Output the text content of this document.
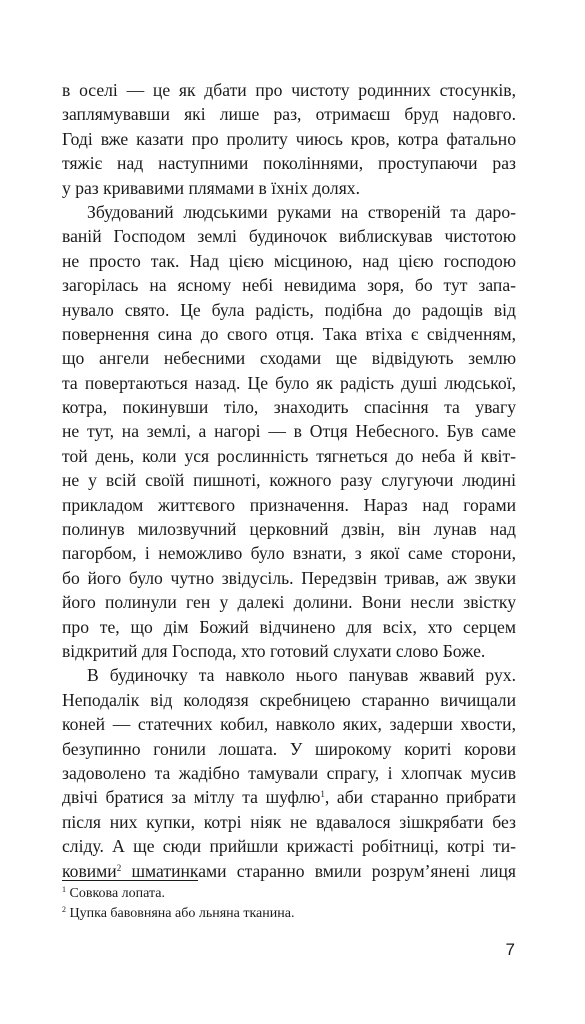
в оселі — це як дбати про чистоту родинних стосунків,
заплямувавши які лише раз, отримаєш бруд надовго.
Годі вже казати про пролиту чиюсь кров, котра фатально
тяжіє над наступними поколіннями, проступаючи раз
у раз кривавими плямами в їхніх долях.
Збудований людськими руками на створеній та даро-
ваній Господом землі будиночок виблискував чистотою
не просто так. Над цією місциною, над цією господою
загорілась на ясному небі невидима зоря, бо тут запа-
нувало свято. Це була радість, подібна до радощів від
повернення сина до свого отця. Така втіха є свідченням,
що ангели небесними сходами ще відвідують землю
та повертаються назад. Це було як радість душі людської,
котра, покинувши тіло, знаходить спасіння та увагу
не тут, на землі, а нагорі — в Отця Небесного. Був саме
той день, коли уся рослинність тягнеться до неба й квіт-
не у всій своїй пишноті, кожного разу слугуючи людині
прикладом життєвого призначення. Нараз над горами
полинув милозвучний церковний дзвін, він лунав над
пагорбом, і неможливо було взнати, з якої саме сторони,
бо його було чутно звідусіль. Передзвін тривав, аж звуки
його полинули ген у далекі долини. Вони несли звістку
про те, що дім Божий відчинено для всіх, хто серцем
відкритий для Господа, хто готовий слухати слово Боже.
В будиночку та навколо нього панував жвавий рух.
Неподалік від колодязя скребницею старанно вичищали
коней — статечних кобил, навколо яких, задерши хвости,
безупинно гонили лошата. У широкому кориті корови
задоволено та жадібно тамували спрагу, і хлопчак мусив
двічі братися за мітлу та шуфлю$^1$, аби старанно прибрати
після них купки, котрі ніяк не вдавалося зішкрябати без
сліду. А ще сюди прийшли крижасті робітниці, котрі ти-
ковими$^2$ шматинками старанно вмили розрум’янені лиця
$^1$ Совкова лопата.
$^2$ Цупка бавовняна або льняна тканина.
7
